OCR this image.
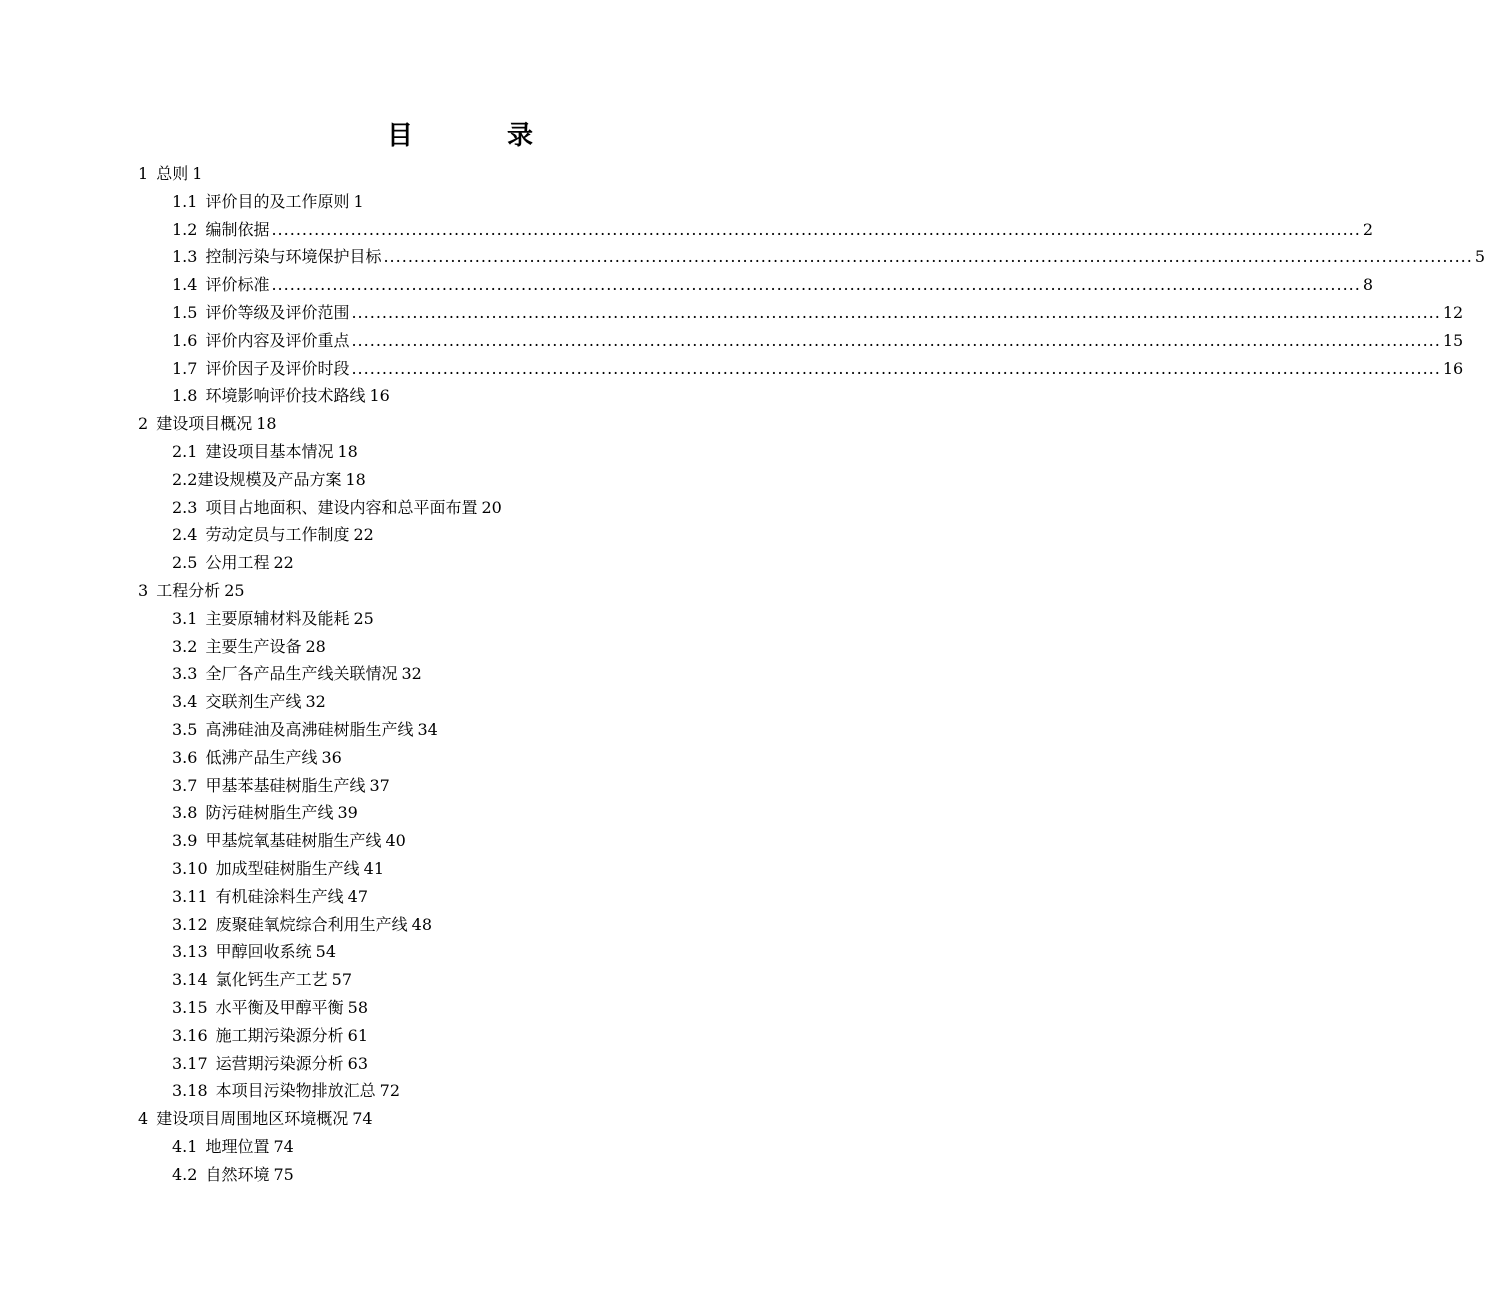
目　录
1 总则 1
1.1 评价目的及工作原则 1
1.2 编制依据 .....	2
1.3 控制污染与环境保护目标 .....	5
1.4 评价标准 .....	8
1.5 评价等级及评价范围 .....	12
1.6 评价内容及评价重点 .....	15
1.7 评价因子及评价时段 .....	16
1.8 环境影响评价技术路线 16
2 建设项目概况 18
2.1 建设项目基本情况 18
2.2 建设规模及产品方案 18
2.3 项目占地面积、建设内容和总平面布置 20
2.4 劳动定员与工作制度 22
2.5 公用工程 22
3 工程分析 25
3.1 主要原辅材料及能耗 25
3.2 主要生产设备 28
3.3 全厂各产品生产线关联情况 32
3.4 交联剂生产线 32
3.5 高沸硅油及高沸硅树脂生产线 34
3.6 低沸产品生产线 36
3.7 甲基苯基硅树脂生产线 37
3.8 防污硅树脂生产线 39
3.9 甲基烷氧基硅树脂生产线 40
3.10 加成型硅树脂生产线 41
3.11 有机硅涂料生产线 47
3.12 废聚硅氧烷综合利用生产线 48
3.13 甲醇回收系统 54
3.14 氯化钙生产工艺 57
3.15 水平衡及甲醇平衡 58
3.16 施工期污染源分析 61
3.17 运营期污染源分析 63
3.18 本项目污染物排放汇总 72
4 建设项目周围地区环境概况 74
4.1 地理位置 74
4.2 自然环境 75
